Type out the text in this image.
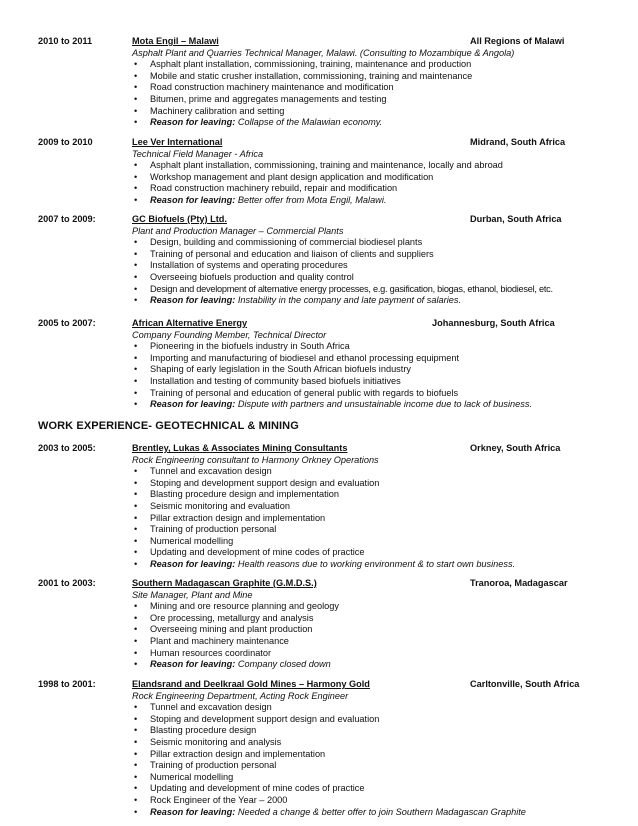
2010 to 2011	Mota Engil – Malawi	All Regions of Malawi
Asphalt Plant and Quarries Technical Manager, Malawi. (Consulting to Mozambique & Angola)
• Asphalt plant installation, commissioning, training, maintenance and production
• Mobile and static crusher installation, commissioning, training and maintenance
• Road construction machinery maintenance and modification
• Bitumen, prime and aggregates managements and testing
• Machinery calibration and setting
• Reason for leaving: Collapse of the Malawian economy.
2009 to 2010	Lee Ver International	Midrand, South Africa
Technical Field Manager - Africa
• Asphalt plant installation, commissioning, training and maintenance, locally and abroad
• Workshop management and plant design application and modification
• Road construction machinery rebuild, repair and modification
• Reason for leaving: Better offer from Mota Engil, Malawi.
2007 to 2009:	GC Biofuels (Pty) Ltd.	Durban, South Africa
Plant and Production Manager – Commercial Plants
• Design, building and commissioning of commercial biodiesel plants
• Training of personal and education and liaison of clients and suppliers
• Installation of systems and operating procedures
• Overseeing biofuels production and quality control
• Design and development of alternative energy processes, e.g. gasification, biogas, ethanol, biodiesel, etc.
• Reason for leaving: Instability in the company and late payment of salaries.
2005 to 2007:	African Alternative Energy	Johannesburg, South Africa
Company Founding Member, Technical Director
• Pioneering in the biofuels industry in South Africa
• Importing and manufacturing of biodiesel and ethanol processing equipment
• Shaping of early legislation in the South African biofuels industry
• Installation and testing of community based biofuels initiatives
• Training of personal and education of general public with regards to biofuels
• Reason for leaving: Dispute with partners and unsustainable income due to lack of business.
WORK EXPERIENCE- GEOTECHNICAL & MINING
2003 to 2005:	Brentley, Lukas & Associates Mining Consultants	Orkney, South Africa
Rock Engineering consultant to Harmony Orkney Operations
• Tunnel and excavation design
• Stoping and development support design and evaluation
• Blasting procedure design and implementation
• Seismic monitoring and evaluation
• Pillar extraction design and implementation
• Training of production personal
• Numerical modelling
• Updating and development of mine codes of practice
• Reason for leaving: Health reasons due to working environment & to start own business.
2001 to 2003:	Southern Madagascan Graphite (G.M.D.S.)	Tranoroa, Madagascar
Site Manager, Plant and Mine
• Mining and ore resource planning and geology
• Ore processing, metallurgy and analysis
• Overseeing mining and plant production
• Plant and machinery maintenance
• Human resources coordinator
• Reason for leaving: Company closed down
1998 to 2001:	Elandsrand and Deelkraal Gold Mines – Harmony Gold	Carltonville, South Africa
Rock Engineering Department, Acting Rock Engineer
• Tunnel and excavation design
• Stoping and development support design and evaluation
• Blasting procedure design
• Seismic monitoring and analysis
• Pillar extraction design and implementation
• Training of production personal
• Numerical modelling
• Updating and development of mine codes of practice
• Rock Engineer of the Year – 2000
• Reason for leaving: Needed a change & better offer to join Southern Madagascan Graphite
